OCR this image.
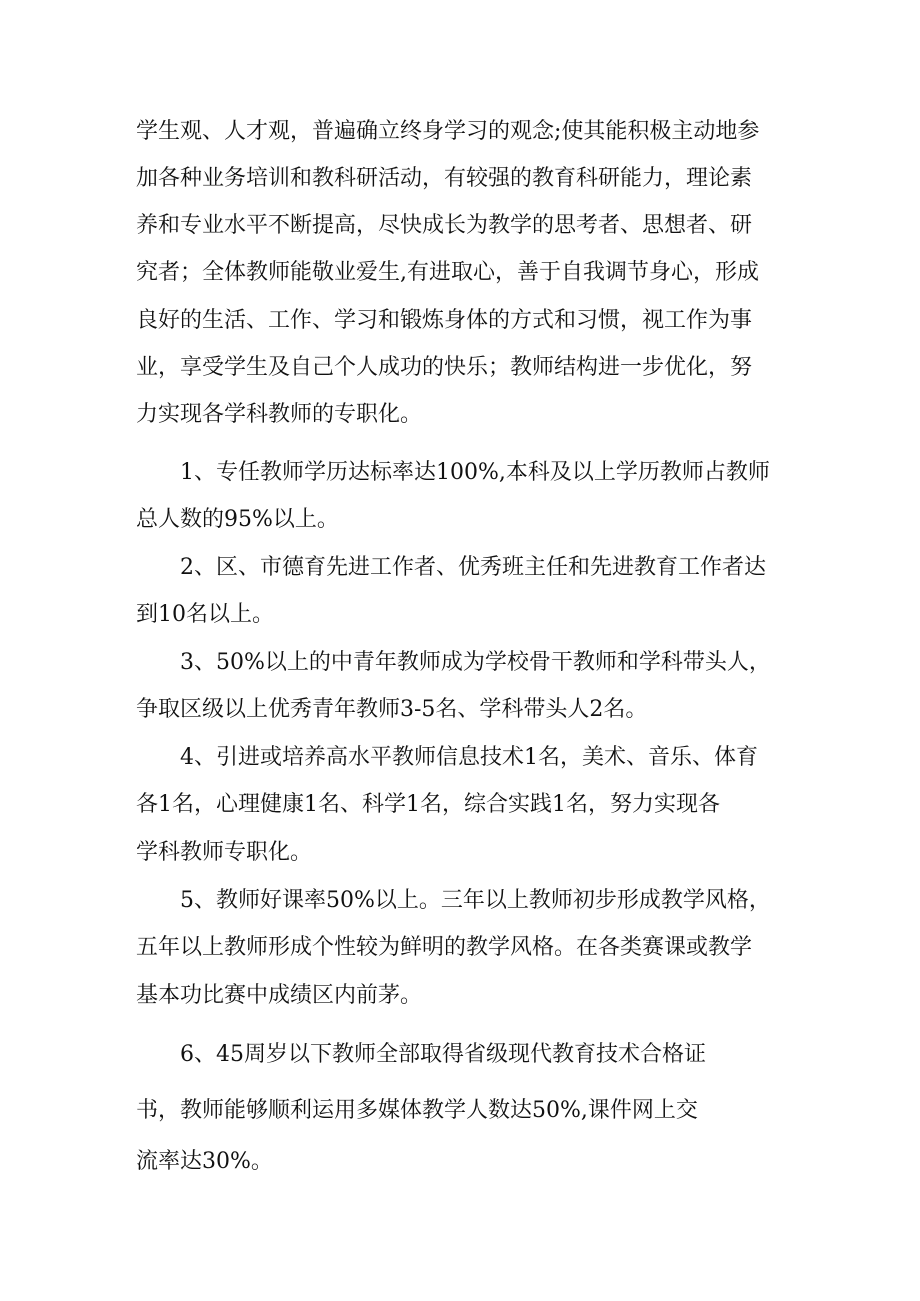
学生观、人才观，普遍确立终身学习的观念;使其能积极主动地参
加各种业务培训和教科研活动，有较强的教育科研能力，理论素
养和专业水平不断提高，尽快成长为教学的思考者、思想者、研
究者；全体教师能敬业爱生,有进取心，善于自我调节身心，形成
良好的生活、工作、学习和锻炼身体的方式和习惯，视工作为事
业，享受学生及自己个人成功的快乐；教师结构进一步优化，努
力实现各学科教师的专职化。
1、专任教师学历达标率达100%,本科及以上学历教师占教师
总人数的95%以上。
2、区、市德育先进工作者、优秀班主任和先进教育工作者达
到10名以上。
3、50%以上的中青年教师成为学校骨干教师和学科带头人，
争取区级以上优秀青年教师3-5名、学科带头人2名。
4、引进或培养高水平教师信息技术1名，美术、音乐、体育
各1名，心理健康1名、科学1名，综合实践1名，努力实现各
学科教师专职化。
5、教师好课率50%以上。三年以上教师初步形成教学风格，
五年以上教师形成个性较为鲜明的教学风格。在各类赛课或教学
基本功比赛中成绩区内前茅。
6、45周岁以下教师全部取得省级现代教育技术合格证
书，教师能够顺利运用多媒体教学人数达50%,课件网上交
流率达30%。
